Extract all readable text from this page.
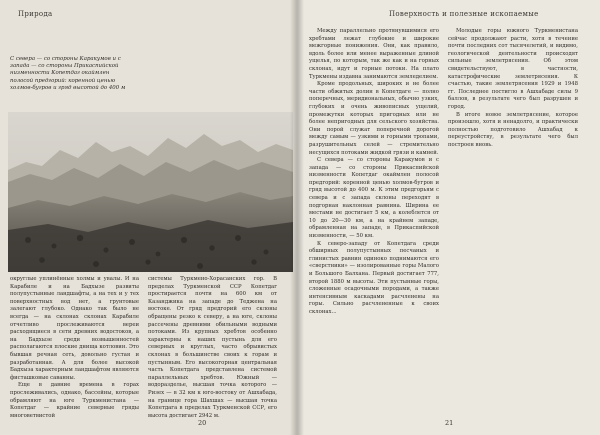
Природа
С севера — со стороны Каракумов и с запада — со стороны Прикаспийской низменности Копетдаг окаймлен полосой предгорий: коренной ценью холмов-бугров и гряд высотой до 400 м

округлые уплинённые холмы и увалы. И на Карабиле и на Бадхызе развиты полупустынные ландшафты, а на тех и у тех поверхностных вод нет, а грунтовые залегают глубоко. Однако так было не всегда — на склонах склонах Карабиле отчетливо прослеживаются вереи расходящиеся в сети древних водостоков, а на Бадхызе среди возвышенностей располагаются плоские днища котловин. Это бывшая речная сеть, довольно густая и разработанная. А для более высокой Бадхыза характерным ландшафтом являются фисташковые саванны.

Еще в давние времена в горах прослеживались, однако, бассейны, которые обрамляют на юге Туркменистана — Копетдаг — крайние северные гряды многоветвистой

системы Туркмено-Хорасанских гор. В пределах Туркменской ССР Копетдаг простирается почти на 600 км от Казанджика на западе до Теджена на востоке. От гряд предгорий его склоны обращены резко к северу, а на юге, склоны рассечены древними обильными водными потоками. Из крупных хребтов особенно характерны к наших пустынь для его северных и круглых, часто обрывистых склонах в большинстве своих к горам и пустынным. Его высокогорная центральная часть Копетдага представлена системой параллельных хребтов. Южный — водоразделье, высшая точка которого — Ризех — в 32 км к юго-востоку от Ашхабада, на границе гора Шахшах — высшая точка Копетдага в пределах Туркменской ССР, его высота достигает 2942 м.

20
Поверхность и полезные ископаемые

Между параллельно протянувшимися его хребтами лежат глубокие и широкие межгорные понижения. Они, как правило, вдоль более или менее выраженные длиной ущелья, по которым, так же как и на горных склонах, идут и горные потоки. На плато Туркмены издавна занимаются земледелием.

Кроме продольных, широких и не более части обжитых долин в Копетдаге — полно поперечных, меридиональных, обычно узких, глубоких и очень живописных ущелий, промежутки которых пригодных или не более непригодных для сельского хозяйства. Они порой служат поперечной дорогой между самым — узкими и горными тропами, разрушительных селей — стремительно несущихся потоками жидкой грязи и камней.

С севера — со стороны Каракумов и с запада — со стороны Прикаспийской низменности Копетдаг окаймлен полосой предгорий: коренной ценью холмов-бугров и гряд высотой до 400 м. К этим предгорьям с севера и с запада склоны переходят в подгорная наклонная равнина. Ширина ее местами не достигает 5 км, а колеблется от 10 до 20—30 км, а на крайнем западе, обрамленная на западе, в Прикаспийской низменности, — 50 км.

К северо-западу от Копетдага среди обширных полупустынных песчаных и глинистых равнин одиноко поднимаются его «сверстники» — изолированные горы Малого и Большого Балхана. Первый достигает 777, второй 1880 м высоты. Эти пустынные горы, сложенные осадочными породами, а также интенсивным каскадами расчленены на горы. Сильно расчлененные к своих склонах...

Молодые горы южного Туркменистана сейчас продолжают расти, хотя в течение почти последних сот тысячелетий, и видимо, геологической деятельности происходят сильные землетрясения. Об этом свидетельствуют, в частности, катастрофические землетрясения. К счастью, такие землетрясения 1929 и 1948 гг. Последнее постигло в Ашхабаде силы 9 баллов, в результате чего был разрушен и город.

В итоге новое землетрясение, которое произошло, хотя и ненадолго, и практически полностью подготовило Ашхабад к переустройству, в результате чего был построен вновь.

21
